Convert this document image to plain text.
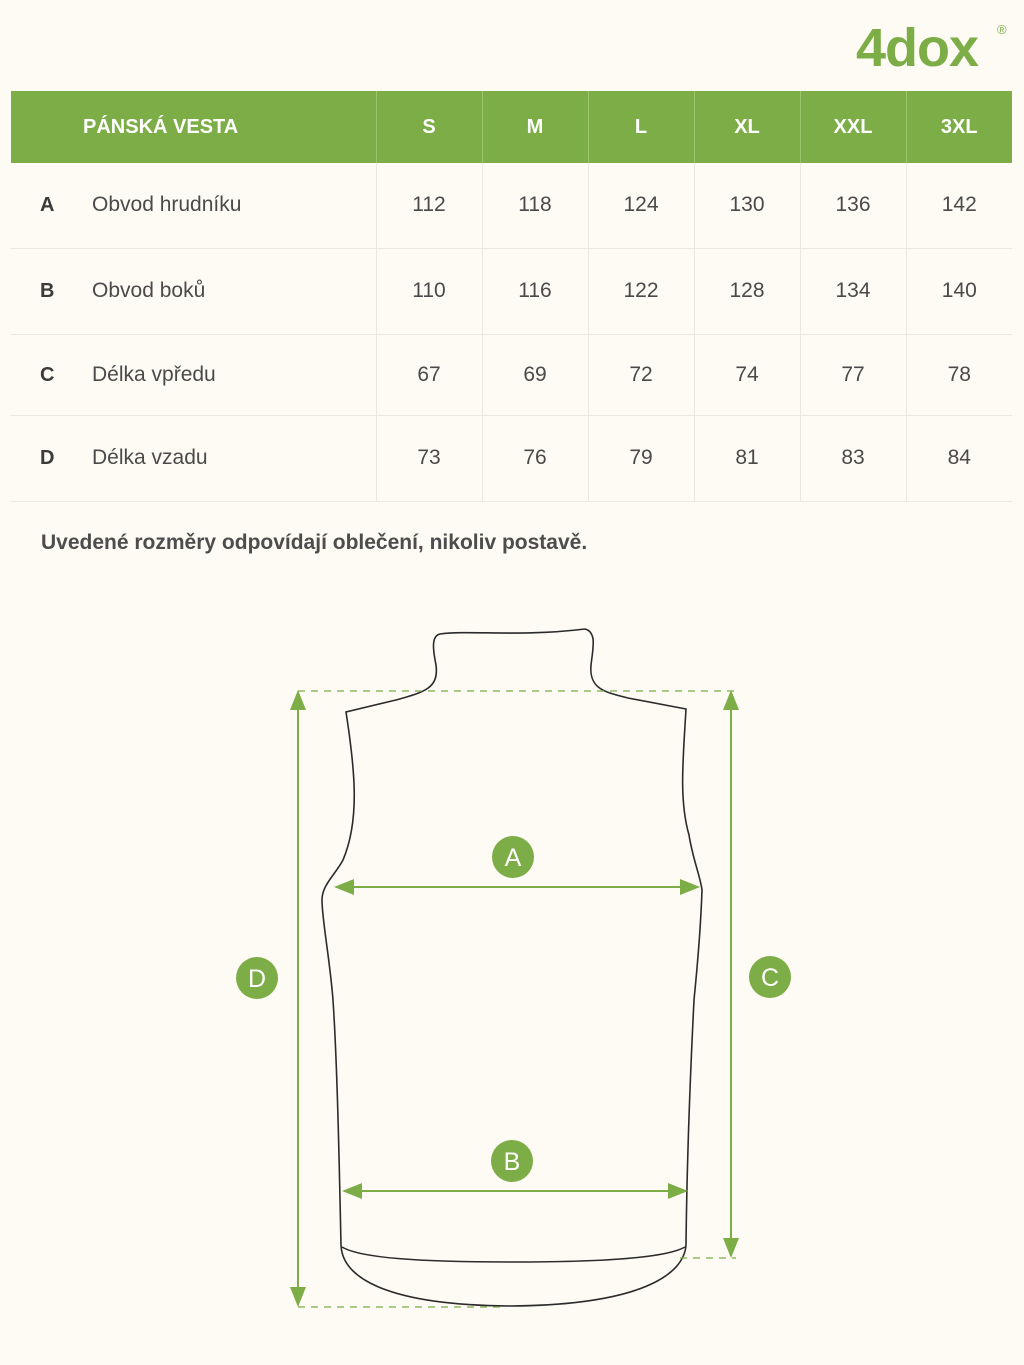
4dox ®
PÁNSKÁ VESTA	S	M	L	XL	XXL	3XL
A Obvod hrudníku	112	118	124	130	136	142
B Obvod boků	110	116	122	128	134	140
C Délka vpředu	67	69	72	74	77	78
D Délka vzadu	73	76	79	81	83	84

Uvedené rozměry odpovídají oblečení, nikoliv postavě.

A
B
C
D
